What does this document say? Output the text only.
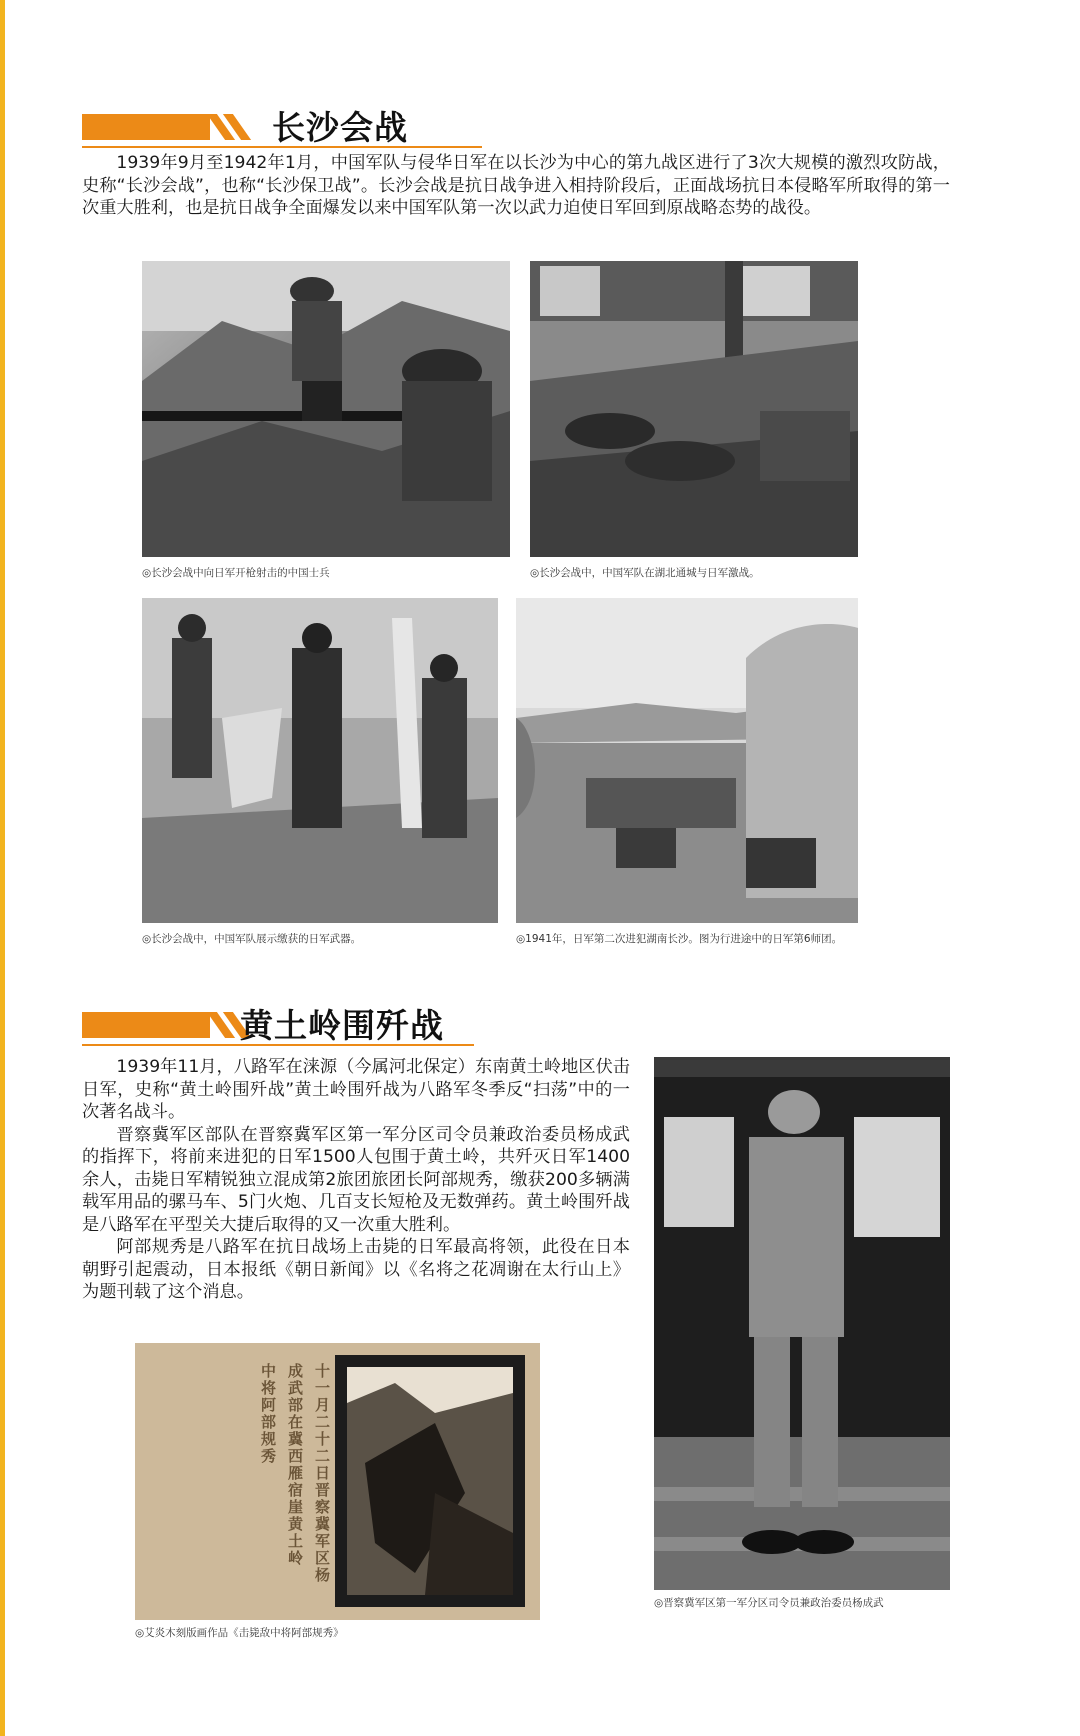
长沙会战

1939年9月至1942年1月，中国军队与侵华日军在以长沙为中心的第九战区进行了3次大规模的激烈攻防战，史称“长沙会战”，也称“长沙保卫战”。长沙会战是抗日战争进入相持阶段后，正面战场抗日本侵略军所取得的第一次重大胜利，也是抗日战争全面爆发以来中国军队第一次以武力迫使日军回到原战略态势的战役。

◎长沙会战中向日军开枪射击的中国士兵	◎长沙会战中，中国军队在湖北通城与日军激战。
◎长沙会战中，中国军队展示缴获的日军武器。	◎1941年，日军第二次进犯湖南长沙。图为行进途中的日军第6师团。
黄土岭围歼战

1939年11月，八路军在涞源（今属河北保定）东南黄土岭地区伏击日军，史称“黄土岭围歼战”黄土岭围歼战为八路军冬季反“扫荡”中的一次著名战斗。

晋察冀军区部队在晋察冀军区第一军分区司令员兼政治委员杨成武的指挥下，将前来进犯的日军1500人包围于黄土岭，共歼灭日军1400余人，击毙日军精锐独立混成第2旅团旅团长阿部规秀，缴获200多辆满载军用品的骡马车、5门火炮、几百支长短枪及无数弹药。黄土岭围歼战是八路军在平型关大捷后取得的又一次重大胜利。

阿部规秀是八路军在抗日战场上击毙的日军最高将领，此役在日本朝野引起震动，日本报纸《朝日新闻》以《名将之花凋谢在太行山上》为题刊载了这个消息。

◎晋察冀军区第一军分区司令员兼政治委员杨成武
十一月二十二日晋察冀军区杨
成武部在冀西雁宿崖黄土岭
中将阿部规秀
◎艾炎木刻版画作品《击毙敌中将阿部规秀》
